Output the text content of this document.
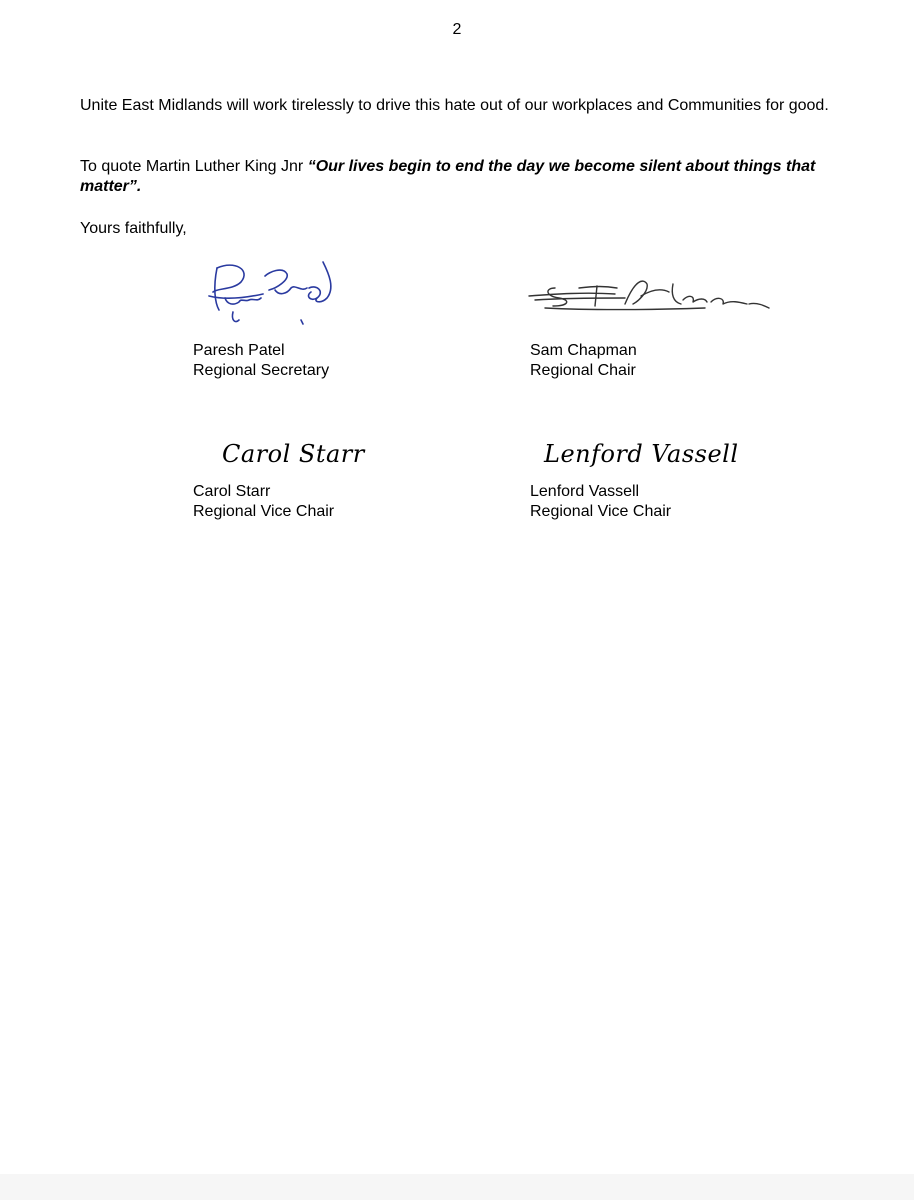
2

Unite East Midlands will work tirelessly to drive this hate out of our workplaces and Communities for good.

To quote Martin Luther King Jnr “Our lives begin to end the day we become silent about things that matter”.

Yours faithfully,

Carol Starr	Lenford Vassell
Paresh Patel
Regional Secretary
Sam Chapman
Regional Chair
Carol Starr
Regional Vice Chair
Lenford Vassell
Regional Vice Chair
